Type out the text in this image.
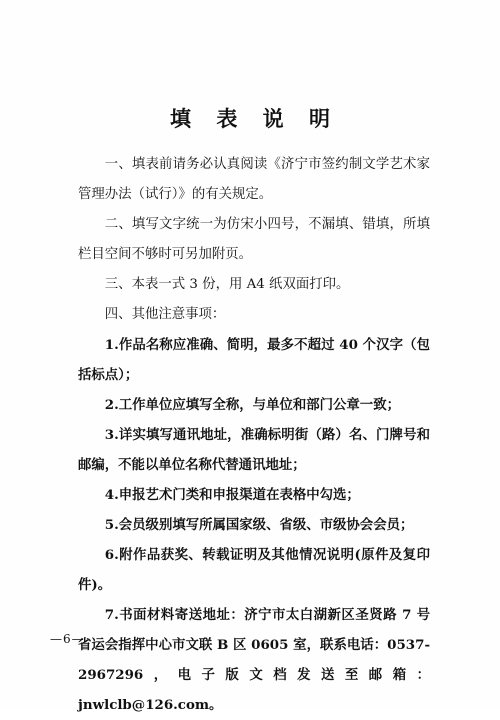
填 表 说 明

一、填表前请务必认真阅读《济宁市签约制文学艺术家管理办法（试行）》的有关规定。

二、填写文字统一为仿宋小四号，不漏填、错填，所填栏目空间不够时可另加附页。

三、本表一式 3 份，用 A4 纸双面打印。

四、其他注意事项：

1.作品名称应准确、简明，最多不超过 40 个汉字（包括标点）；

2.工作单位应填写全称，与单位和部门公章一致；

3.详实填写通讯地址，准确标明街（路）名、门牌号和邮编，不能以单位名称代替通讯地址；

4.申报艺术门类和申报渠道在表格中勾选；

5.会员级别填写所属国家级、省级、市级协会会员；

6.附作品获奖、转载证明及其他情况说明(原件及复印件)。

7.书面材料寄送地址：济宁市太白湖新区圣贤路 7 号省运会指挥中心市文联 B 区 0605 室，联系电话：0537-2967296，电子版文档发送至邮箱：jnwlclb@126.com。

—6—
